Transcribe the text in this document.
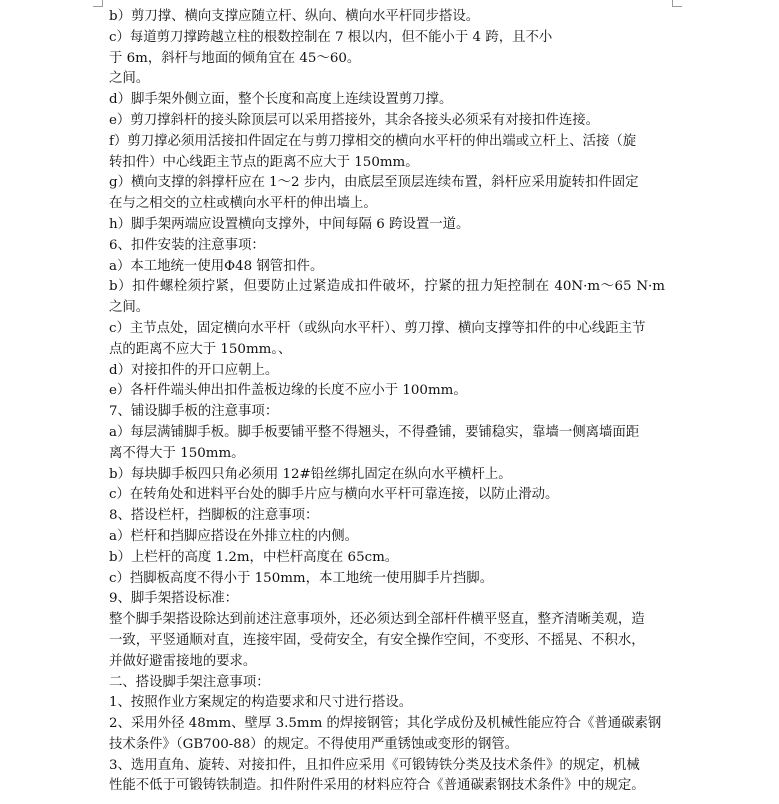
b）剪刀撑、横向支撑应随立杆、纵向、横向水平杆同步搭设。
c）每道剪刀撑跨越立柱的根数控制在 7 根以内，但不能小于 4 跨，且不小
于 6m，斜杆与地面的倾角宜在 45～60。
之间。
d）脚手架外侧立面，整个长度和高度上连续设置剪刀撑。
e）剪刀撑斜杆的接头除顶层可以采用搭接外，其余各接头必须采有对接扣件连接。
f）剪刀撑必须用活接扣件固定在与剪刀撑相交的横向水平杆的伸出端或立杆上、活接（旋
转扣件）中心线距主节点的距离不应大于 150mm。
g）横向支撑的斜撑杆应在 1～2 步内，由底层至顶层连续布置，斜杆应采用旋转扣件固定
在与之相交的立柱或横向水平杆的伸出墙上。
h）脚手架两端应设置横向支撑外，中间每隔 6 跨设置一道。
6、扣件安装的注意事项：
a）本工地统一使用Φ48 钢管扣件。
b）扣件螺栓须拧紧，但要防止过紧造成扣件破坏，拧紧的扭力矩控制在 40N·m～65 N·m
之间。
c）主节点处，固定横向水平杆（或纵向水平杆）、剪刀撑、横向支撑等扣件的中心线距主节
点的距离不应大于 150mm。、
d）对接扣件的开口应朝上。
e）各杆件端头伸出扣件盖板边缘的长度不应小于 100mm。
7、铺设脚手板的注意事项：
a）每层满铺脚手板。脚手板要铺平整不得翘头，不得叠铺，要铺稳实，靠墙一侧离墙面距
离不得大于 150mm。
b）每块脚手板四只角必须用 12#铅丝绑扎固定在纵向水平横杆上。
c）在转角处和进料平台处的脚手片应与横向水平杆可靠连接，以防止滑动。
8、搭设栏杆，挡脚板的注意事项：
a）栏杆和挡脚应搭设在外排立柱的内侧。
b）上栏杆的高度 1.2m，中栏杆高度在 65cm。
c）挡脚板高度不得小于 150mm，本工地统一使用脚手片挡脚。
9、脚手架搭设标准：
整个脚手架搭设除达到前述注意事项外，还必须达到全部杆件横平竖直，整齐清晰美观，造
一致，平竖通顺对直，连接牢固，受荷安全，有安全操作空间，不变形、不摇晃、不积水，
并做好避雷接地的要求。
二、搭设脚手架注意事项：
1、按照作业方案规定的构造要求和尺寸进行搭设。
2、采用外径 48mm、壁厚 3.5mm 的焊接钢管；其化学成份及机械性能应符合《普通碳素钢
技术条件》（GB700-88）的规定。不得使用严重锈蚀或变形的钢管。
3、选用直角、旋转、对接扣件，且扣件应采用《可锻铸铁分类及技术条件》的规定，机械
性能不低于可锻铸铁制造。扣件附件采用的材料应符合《普通碳素钢技术条件》中的规定。
